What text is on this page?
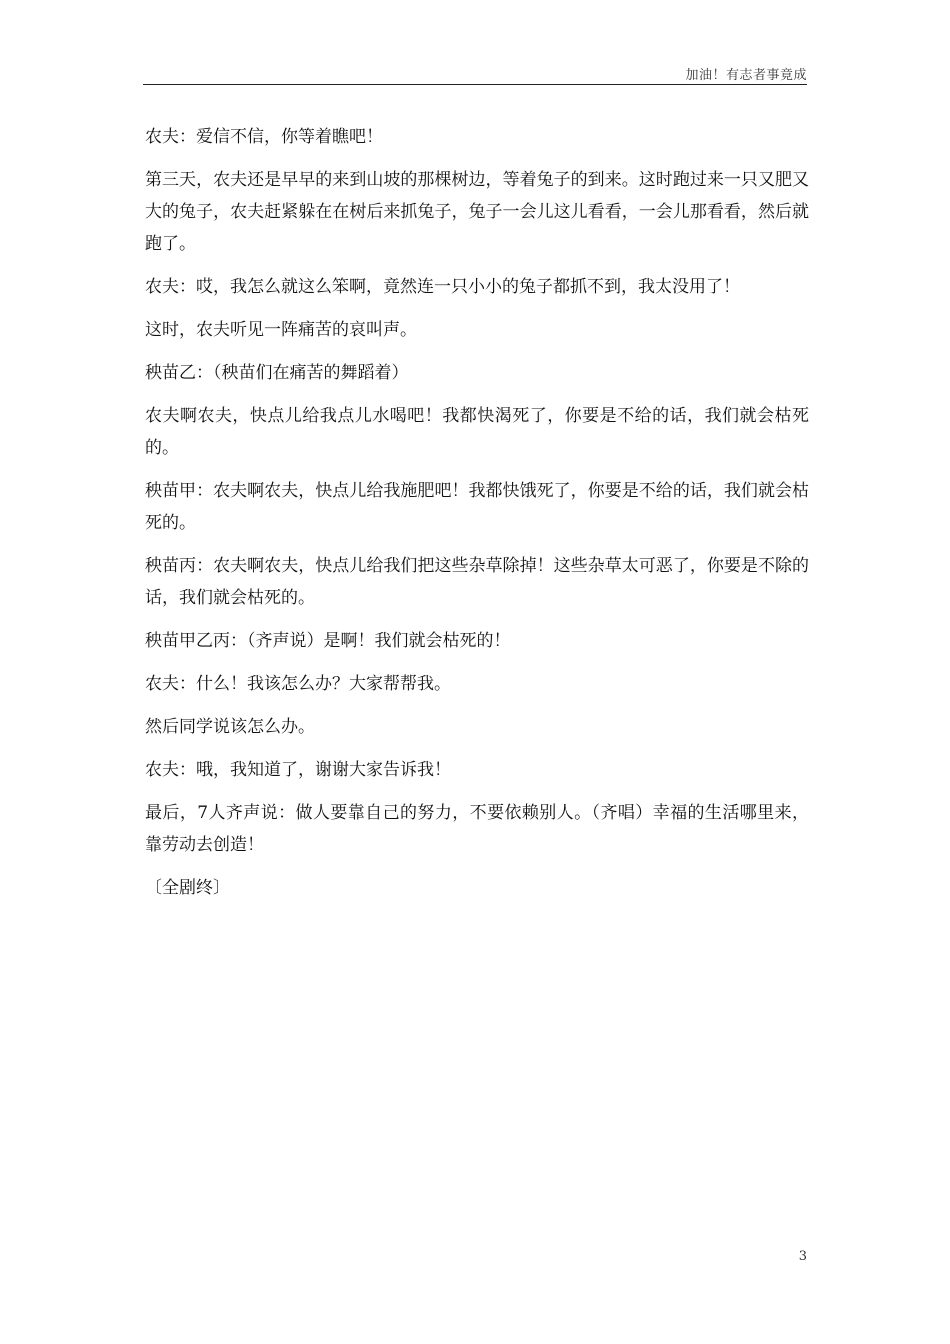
加油！有志者事竟成

农夫：爱信不信，你等着瞧吧！

第三天，农夫还是早早的来到山坡的那棵树边，等着兔子的到来。这时跑过来一只又肥又大的兔子，农夫赶紧躲在在树后来抓兔子，兔子一会儿这儿看看，一会儿那看看，然后就跑了。

农夫：哎，我怎么就这么笨啊，竟然连一只小小的兔子都抓不到，我太没用了！

这时，农夫听见一阵痛苦的哀叫声。

秧苗乙：（秧苗们在痛苦的舞蹈着）

农夫啊农夫，快点儿给我点儿水喝吧！我都快渴死了，你要是不给的话，我们就会枯死的。

秧苗甲：农夫啊农夫，快点儿给我施肥吧！我都快饿死了，你要是不给的话，我们就会枯死的。

秧苗丙：农夫啊农夫，快点儿给我们把这些杂草除掉！这些杂草太可恶了，你要是不除的话，我们就会枯死的。

秧苗甲乙丙：（齐声说）是啊！我们就会枯死的！

农夫：什么！我该怎么办？大家帮帮我。

然后同学说该怎么办。

农夫：哦，我知道了，谢谢大家告诉我！

最后，7人齐声说：做人要靠自己的努力，不要依赖别人。（齐唱）幸福的生活哪里来，靠劳动去创造！

〔全剧终〕

3
